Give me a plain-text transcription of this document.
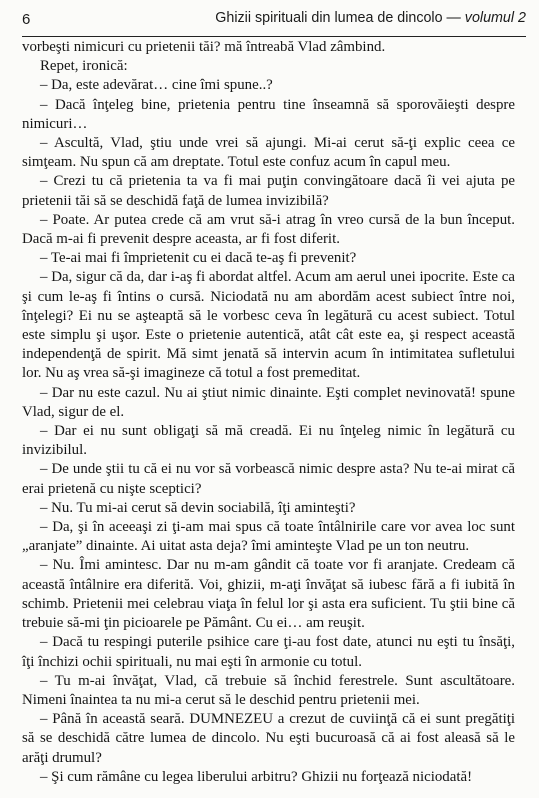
6	Ghizii spirituali din lumea de dincolo — volumul 2

vorbeşti nimicuri cu prietenii tăi? mă întreabă Vlad zâmbind.

Repet, ironică:

– Da, este adevărat… cine îmi spune..?

– Dacă înţeleg bine, prietenia pentru tine înseamnă să sporovăieşti despre nimicuri…

– Ascultă, Vlad, ştiu unde vrei să ajungi. Mi-ai cerut să-ţi explic ceea ce simţeam. Nu spun că am dreptate. Totul este confuz acum în capul meu.

– Crezi tu că prietenia ta va fi mai puţin convingătoare dacă îi vei ajuta pe prietenii tăi să se deschidă faţă de lumea invizibilă?

– Poate. Ar putea crede că am vrut să-i atrag în vreo cursă de la bun început. Dacă m-ai fi prevenit despre aceasta, ar fi fost diferit.

– Te-ai mai fi împrietenit cu ei dacă te-aş fi prevenit?

– Da, sigur că da, dar i-aş fi abordat altfel. Acum am aerul unei ipocrite. Este ca şi cum le-aş fi întins o cursă. Niciodată nu am abordăm acest subiect între noi, înţelegi? Ei nu se aşteaptă să le vorbesc ceva în legătură cu acest subiect. Totul este simplu şi uşor. Este o prietenie autentică, atât cât este ea, şi respect această independenţă de spirit. Mă simt jenată să intervin acum în intimitatea sufletului lor. Nu aş vrea să-şi imagineze că totul a fost premeditat.

– Dar nu este cazul. Nu ai ştiut nimic dinainte. Eşti complet nevinovată! spune Vlad, sigur de el.

– Dar ei nu sunt obligaţi să mă creadă. Ei nu înţeleg nimic în legătură cu invizibilul.

– De unde ştii tu că ei nu vor să vorbească nimic despre asta? Nu te-ai mirat că erai prietenă cu nişte sceptici?

– Nu. Tu mi-ai cerut să devin sociabilă, îţi aminteşti?

– Da, şi în aceeaşi zi ţi-am mai spus că toate întâlnirile care vor avea loc sunt „aranjate” dinainte. Ai uitat asta deja? îmi aminteşte Vlad pe un ton neutru.

– Nu. Îmi amintesc. Dar nu m-am gândit că toate vor fi aranjate. Credeam că această întâlnire era diferită. Voi, ghizii, m-aţi învăţat să iubesc fără a fi iubită în schimb. Prietenii mei celebrau viaţa în felul lor şi asta era suficient. Tu ştii bine că trebuie să-mi ţin picioarele pe Pământ. Cu ei… am reuşit.

– Dacă tu respingi puterile psihice care ţi-au fost date, atunci nu eşti tu însăţi, îţi închizi ochii spirituali, nu mai eşti în armonie cu totul.

– Tu m-ai învăţat, Vlad, că trebuie să închid ferestrele. Sunt ascultătoare. Nimeni înaintea ta nu mi-a cerut să le deschid pentru prietenii mei.

– Până în această seară. DUMNEZEU a crezut de cuviinţă că ei sunt pregătiţi să se deschidă către lumea de dincolo. Nu eşti bucuroasă că ai fost aleasă să le arăţi drumul?

– Şi cum rămâne cu legea liberului arbitru? Ghizii nu forţează niciodată!
